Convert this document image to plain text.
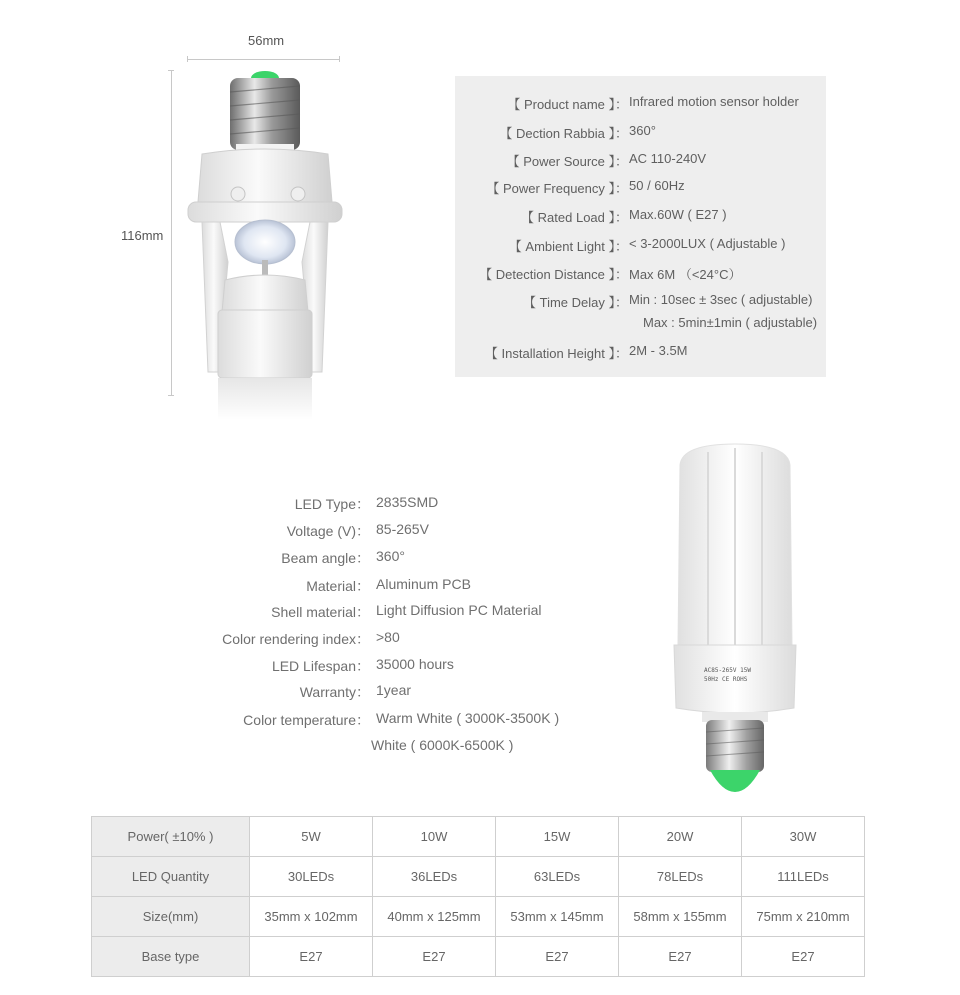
56mm
116mm
【 Product name 】： Infrared motion sensor holder
【 Dection Rabbia 】： 360°
【 Power Source 】： AC 110-240V
【 Power Frequency 】： 50 / 60Hz
【 Rated Load 】： Max.60W ( E27 )
【 Ambient Light 】： < 3-2000LUX ( Adjustable )
【 Detection Distance 】： Max 6M （<24°C）
【 Time Delay 】： Min : 10sec ± 3sec ( adjustable)
Max : 5min±1min ( adjustable)
【 Installation Height 】： 2M - 3.5M
LED Type： 2835SMD
Voltage (V)： 85-265V
Beam angle： 360°
Material： Aluminum PCB
Shell material： Light Diffusion PC Material
Color rendering index： >80
LED Lifespan： 35000 hours
Warranty： 1year
Color temperature： Warm White ( 3000K-3500K )
White ( 6000K-6500K )
AC85-265V 15W
50Hz CE ROHS
Power( ±10% )	5W	10W	15W	20W	30W
LED Quantity	30LEDs	36LEDs	63LEDs	78LEDs	111LEDs
Size(mm)	35mm x 102mm	40mm x 125mm	53mm x 145mm	58mm x 155mm	75mm x 210mm
Base type	E27	E27	E27	E27	E27
